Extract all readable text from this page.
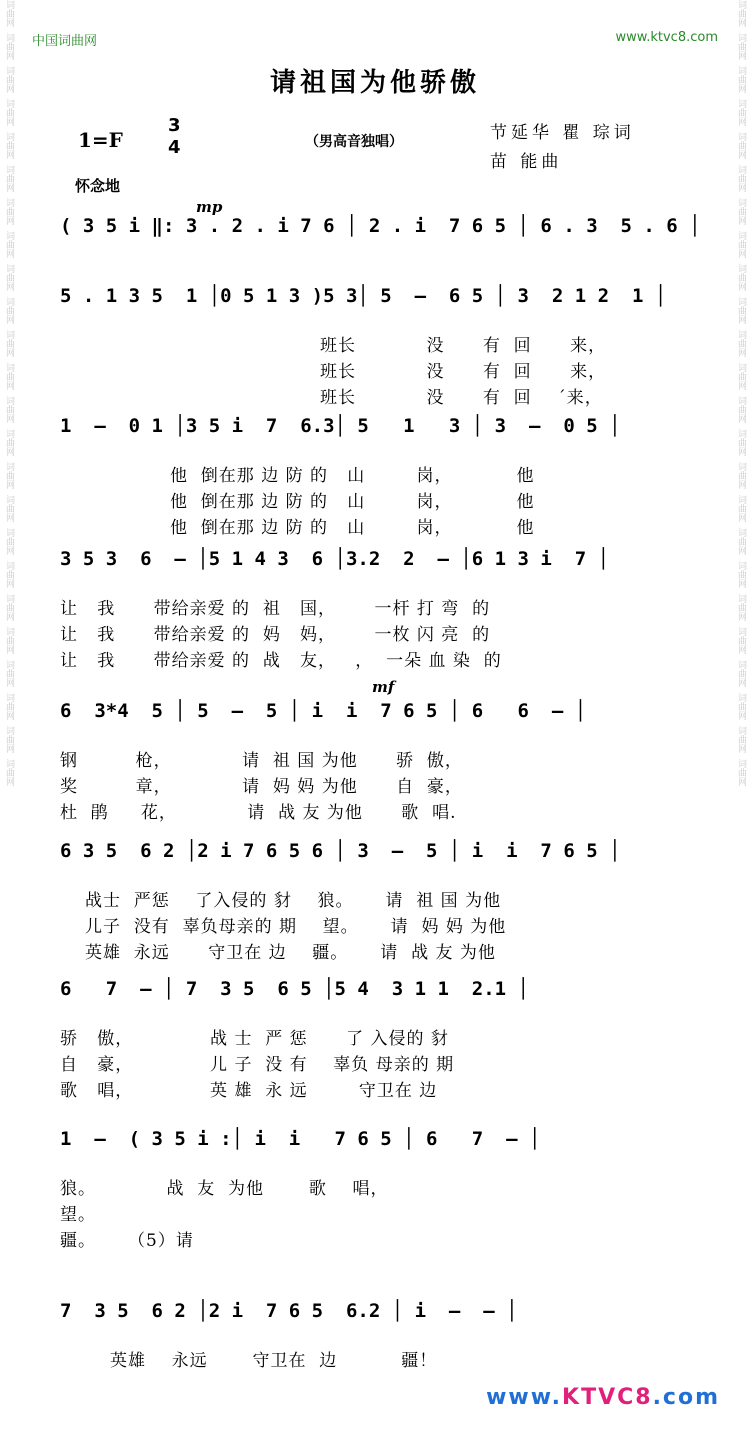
词曲网
词曲网
词曲网
词曲网
词曲网
词曲网
词曲网
词曲网
词曲网
词曲网
词曲网
词曲网
词曲网
词曲网
词曲网
词曲网
词曲网
词曲网
词曲网
词曲网
词曲网
词曲网
词曲网
词曲网
词曲网
词曲网
词曲网
词曲网
词曲网
词曲网
词曲网
词曲网
词曲网
词曲网
词曲网
词曲网
词曲网
词曲网
词曲网
词曲网
词曲网
词曲网
词曲网
词曲网
词曲网
词曲网
词曲网
词曲网
中国词曲网	www.ktvc8.com
请祖国为他骄傲
1=F
3
4	（男高音独唱）	节延华 瞿 琮词
苗 能曲
怀念地
mp
mf
( 3 5 i ‖: 3 . 2 . i 7 6 │ 2 . i  7 6 5 │ 6 . 3  5 . 6 │
5 . 1 3 5  1 │0 5 1 3 )5 3│ 5  —  6 5 │ 3  2 1 2  1 │
班长           没      有  回      来，
班长           没      有  回      来，
班长           没      有  回    ˊ来，
1  —  0 1 │3 5 i  7  6.3│ 5   1   3 │ 3  —  0 5 │
他  倒在那 边 防 的   山        岗，          他
他  倒在那 边 防 的   山        岗，          他
他  倒在那 边 防 的   山        岗，          他
3 5 3  6  — │5 1 4 3  6 │3.2  2  — │6 1 3 i  7 │
让   我      带给亲爱 的  祖   国，      一杆 打 弯  的
让   我      带给亲爱 的  妈   妈，      一枚 闪 亮  的
让   我      带给亲爱 的  战   友，   ，  一朵 血 染  的
6  3*4  5 │ 5  —  5 │ i  i  7 6 5 │ 6   6  — │
钢         枪，           请  祖 国 为他      骄  傲，
奖         章，           请  妈 妈 为他      自  豪，
杜  鹃     花，           请  战 友 为他      歌  唱.
6 3 5  6 2 │2 i 7 6 5 6 │ 3  —  5 │ i  i  7 6 5 │
战士  严惩    了入侵的 豺    狼。     请  祖 国 为他
儿子  没有  辜负母亲的 期    望。     请  妈 妈 为他
英雄  永远      守卫在 边    疆。     请  战 友 为他
6   7  — │ 7  3 5  6 5 │5 4  3 1 1  2.1 │
骄   傲，            战 士  严 惩      了 入侵的 豺
自   豪，            儿 子  没 有    辜负 母亲的 期
歌   唱，            英 雄  永 远        守卫在 边
1  —  ( 3 5 i :│ i  i   7 6 5 │ 6   7  — │
狼。           战  友  为他       歌    唱，
望。
疆。     （5）请
7  3 5  6 2 │2 i  7 6 5  6.2 │ i  —  — │
英雄    永远       守卫在  边          疆！
www.KTVC8.com
